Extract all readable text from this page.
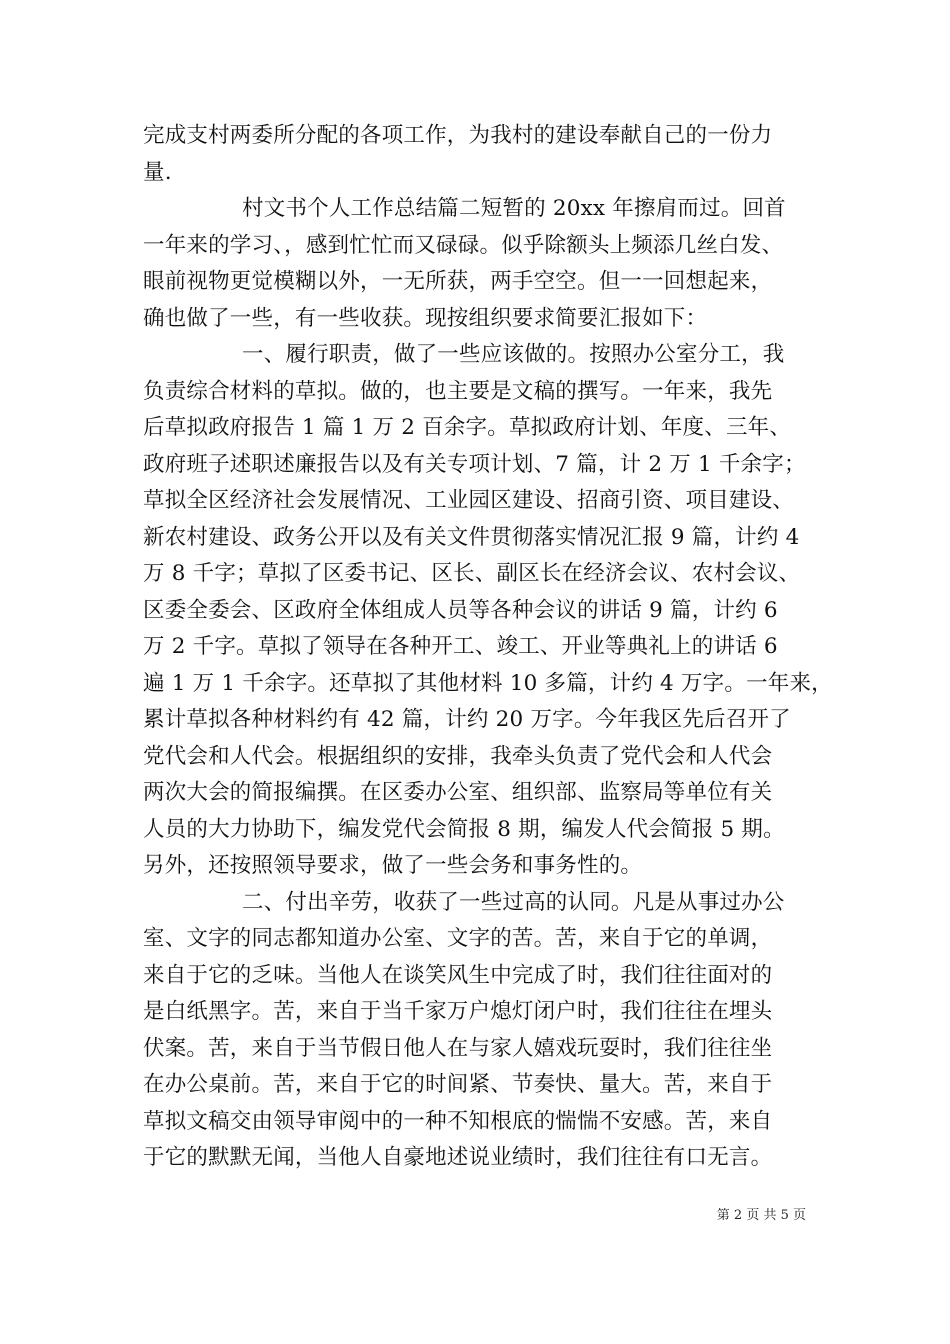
完成支村两委所分配的各项工作，为我村的建设奉献自己的一份力
量.
村文书个人工作总结篇二短暂的 20xx 年擦肩而过。回首
一年来的学习、，感到忙忙而又碌碌。似乎除额头上频添几丝白发、
眼前视物更觉模糊以外，一无所获，两手空空。但一一回想起来，
确也做了一些，有一些收获。现按组织要求简要汇报如下：
一、履行职责，做了一些应该做的。按照办公室分工，我
负责综合材料的草拟。做的，也主要是文稿的撰写。一年来，我先
后草拟政府报告 1 篇 1 万 2 百余字。草拟政府计划、年度、三年、
政府班子述职述廉报告以及有关专项计划、7 篇，计 2 万 1 千余字；
草拟全区经济社会发展情况、工业园区建设、招商引资、项目建设、
新农村建设、政务公开以及有关文件贯彻落实情况汇报 9 篇，计约 4
万 8 千字；草拟了区委书记、区长、副区长在经济会议、农村会议、
区委全委会、区政府全体组成人员等各种会议的讲话 9 篇，计约 6
万 2 千字。草拟了领导在各种开工、竣工、开业等典礼上的讲话 6
遍 1 万 1 千余字。还草拟了其他材料 10 多篇，计约 4 万字。一年来，
累计草拟各种材料约有 42 篇，计约 20 万字。今年我区先后召开了
党代会和人代会。根据组织的安排，我牵头负责了党代会和人代会
两次大会的简报编撰。在区委办公室、组织部、监察局等单位有关
人员的大力协助下，编发党代会简报 8 期，编发人代会简报 5 期。
另外，还按照领导要求，做了一些会务和事务性的。
二、付出辛劳，收获了一些过高的认同。凡是从事过办公
室、文字的同志都知道办公室、文字的苦。苦，来自于它的单调，
来自于它的乏味。当他人在谈笑风生中完成了时，我们往往面对的
是白纸黑字。苦，来自于当千家万户熄灯闭户时，我们往往在埋头
伏案。苦，来自于当节假日他人在与家人嬉戏玩耍时，我们往往坐
在办公桌前。苦，来自于它的时间紧、节奏快、量大。苦，来自于
草拟文稿交由领导审阅中的一种不知根底的惴惴不安感。苦，来自
于它的默默无闻，当他人自豪地述说业绩时，我们往往有口无言。
第 2 页 共 5 页
